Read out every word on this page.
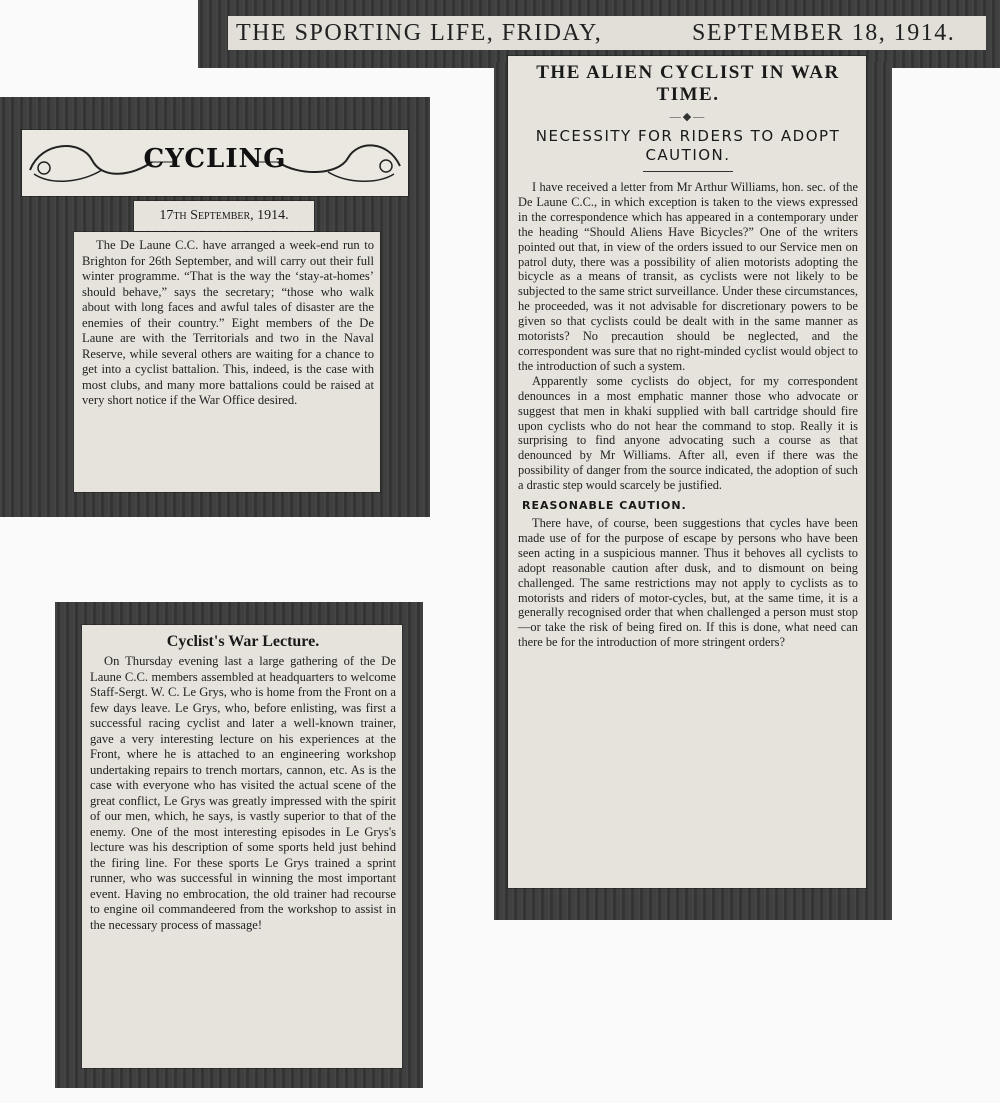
THE SPORTING LIFE, FRIDAY,	SEPTEMBER 18, 1914.
CYCLING
17th September, 1914.

The De Laune C.C. have arranged a week-end run to Brighton for 26th September, and will carry out their full winter programme. “That is the way the ‘stay-at-homes’ should behave,” says the secretary; “those who walk about with long faces and awful tales of disaster are the enemies of their country.” Eight members of the De Laune are with the Territorials and two in the Naval Reserve, while several others are waiting for a chance to get into a cyclist battalion. This, indeed, is the case with most clubs, and many more battalions could be raised at very short notice if the War Office desired.

Cyclist's War Lecture.

On Thursday evening last a large gathering of the De Laune C.C. members assembled at headquarters to welcome Staff-Sergt. W. C. Le Grys, who is home from the Front on a few days leave. Le Grys, who, before enlisting, was first a successful racing cyclist and later a well-known trainer, gave a very interesting lecture on his experiences at the Front, where he is attached to an engineering workshop undertaking repairs to trench mortars, cannon, etc. As is the case with everyone who has visited the actual scene of the great conflict, Le Grys was greatly impressed with the spirit of our men, which, he says, is vastly superior to that of the enemy. One of the most interesting episodes in Le Grys's lecture was his description of some sports held just behind the firing line. For these sports Le Grys trained a sprint runner, who was successful in winning the most important event. Having no embrocation, the old trainer had recourse to engine oil commandeered from the workshop to assist in the necessary process of massage!

THE ALIEN CYCLIST IN WAR TIME.

—◆—

NECESSITY FOR RIDERS TO ADOPT CAUTION.

I have received a letter from Mr Arthur Williams, hon. sec. of the De Laune C.C., in which exception is taken to the views expressed in the correspondence which has appeared in a contemporary under the heading “Should Aliens Have Bicycles?” One of the writers pointed out that, in view of the orders issued to our Service men on patrol duty, there was a possibility of alien motorists adopting the bicycle as a means of transit, as cyclists were not likely to be subjected to the same strict surveillance. Under these circumstances, he proceeded, was it not advisable for discretionary powers to be given so that cyclists could be dealt with in the same manner as motorists? No precaution should be neglected, and the correspondent was sure that no right-minded cyclist would object to the introduction of such a system.

Apparently some cyclists do object, for my correspondent denounces in a most emphatic manner those who advocate or suggest that men in khaki supplied with ball cartridge should fire upon cyclists who do not hear the command to stop. Really it is surprising to find anyone advocating such a course as that denounced by Mr Williams. After all, even if there was the possibility of danger from the source indicated, the adoption of such a drastic step would scarcely be justified.

REASONABLE CAUTION.

There have, of course, been suggestions that cycles have been made use of for the purpose of escape by persons who have been seen acting in a suspicious manner. Thus it behoves all cyclists to adopt reasonable caution after dusk, and to dismount on being challenged. The same restrictions may not apply to cyclists as to motorists and riders of motor-cycles, but, at the same time, it is a generally recognised order that when challenged a person must stop—or take the risk of being fired on. If this is done, what need can there be for the introduction of more stringent orders?
